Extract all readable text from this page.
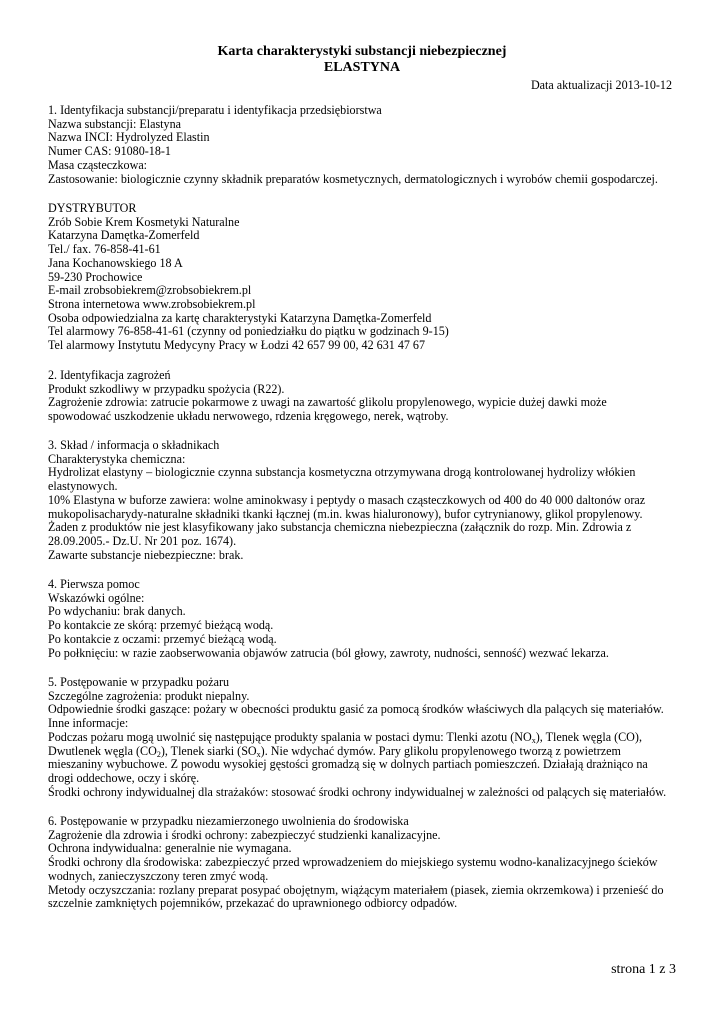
Karta charakterystyki substancji niebezpiecznej
ELASTYNA
Data aktualizacji 2013-10-12
1. Identyfikacja substancji/preparatu i identyfikacja przedsiębiorstwa
Nazwa substancji: Elastyna
Nazwa INCI: Hydrolyzed Elastin
Numer CAS: 91080-18-1
Masa cząsteczkowa:
Zastosowanie: biologicznie czynny składnik preparatów kosmetycznych, dermatologicznych i wyrobów chemii gospodarczej.
DYSTRYBUTOR
Zrób Sobie Krem Kosmetyki Naturalne
Katarzyna Damętka-Zomerfeld
Tel./ fax. 76-858-41-61
Jana Kochanowskiego 18 A
59-230 Prochowice
E-mail zrobsobiekrem@zrobsobiekrem.pl
Strona internetowa www.zrobsobiekrem.pl
Osoba odpowiedzialna za kartę charakterystyki Katarzyna Damętka-Zomerfeld
Tel alarmowy 76-858-41-61 (czynny od poniedziałku do piątku w godzinach 9-15)
Tel alarmowy Instytutu Medycyny Pracy w Łodzi 42 657 99 00, 42 631 47 67
2. Identyfikacja zagrożeń
Produkt szkodliwy w przypadku spożycia (R22).
Zagrożenie zdrowia: zatrucie pokarmowe z uwagi na zawartość glikolu propylenowego, wypicie dużej dawki może
spowodować uszkodzenie układu nerwowego, rdzenia kręgowego, nerek, wątroby.
3. Skład / informacja o składnikach
Charakterystyka chemiczna:
Hydrolizat elastyny – biologicznie czynna substancja kosmetyczna otrzymywana drogą kontrolowanej hydrolizy włókien
elastynowych.
10% Elastyna w buforze zawiera: wolne aminokwasy i peptydy o masach cząsteczkowych od 400 do 40 000 daltonów oraz
mukopolisacharydy-naturalne składniki tkanki łącznej (m.in. kwas hialuronowy), bufor cytrynianowy, glikol propylenowy.
Żaden z produktów nie jest klasyfikowany jako substancja chemiczna niebezpieczna (załącznik do rozp. Min. Zdrowia z
28.09.2005.- Dz.U. Nr 201 poz. 1674).
Zawarte substancje niebezpieczne: brak.
4. Pierwsza pomoc
Wskazówki ogólne:
Po wdychaniu: brak danych.
Po kontakcie ze skórą: przemyć bieżącą wodą.
Po kontakcie z oczami: przemyć bieżącą wodą.
Po połknięciu: w razie zaobserwowania objawów zatrucia (ból głowy, zawroty, nudności, senność) wezwać lekarza.
5. Postępowanie w przypadku pożaru
Szczególne zagrożenia: produkt niepalny.
Odpowiednie środki gaszące: pożary w obecności produktu gasić za pomocą środków właściwych dla palących się materiałów.
Inne informacje:
Podczas pożaru mogą uwolnić się następujące produkty spalania w postaci dymu: Tlenki azotu $(NO_x)$, Tlenek węgla (CO),
Dwutlenek węgla $(CO_2)$, Tlenek siarki $(SO_x)$. Nie wdychać dymów. Pary glikolu propylenowego tworzą z powietrzem
mieszaniny wybuchowe. Z powodu wysokiej gęstości gromadzą się w dolnych partiach pomieszczeń. Działają drażniąco na
drogi oddechowe, oczy i skórę.
Środki ochrony indywidualnej dla strażaków: stosować środki ochrony indywidualnej w zależności od palących się materiałów.
6. Postępowanie w przypadku niezamierzonego uwolnienia do środowiska
Zagrożenie dla zdrowia i środki ochrony: zabezpieczyć studzienki kanalizacyjne.
Ochrona indywidualna: generalnie nie wymagana.
Środki ochrony dla środowiska: zabezpieczyć przed wprowadzeniem do miejskiego systemu wodno-kanalizacyjnego ścieków
wodnych, zanieczyszczony teren zmyć wodą.
Metody oczyszczania: rozlany preparat posypać obojętnym, wiążącym materiałem (piasek, ziemia okrzemkowa) i przenieść do
szczelnie zamkniętych pojemników, przekazać do uprawnionego odbiorcy odpadów.
strona 1 z 3
